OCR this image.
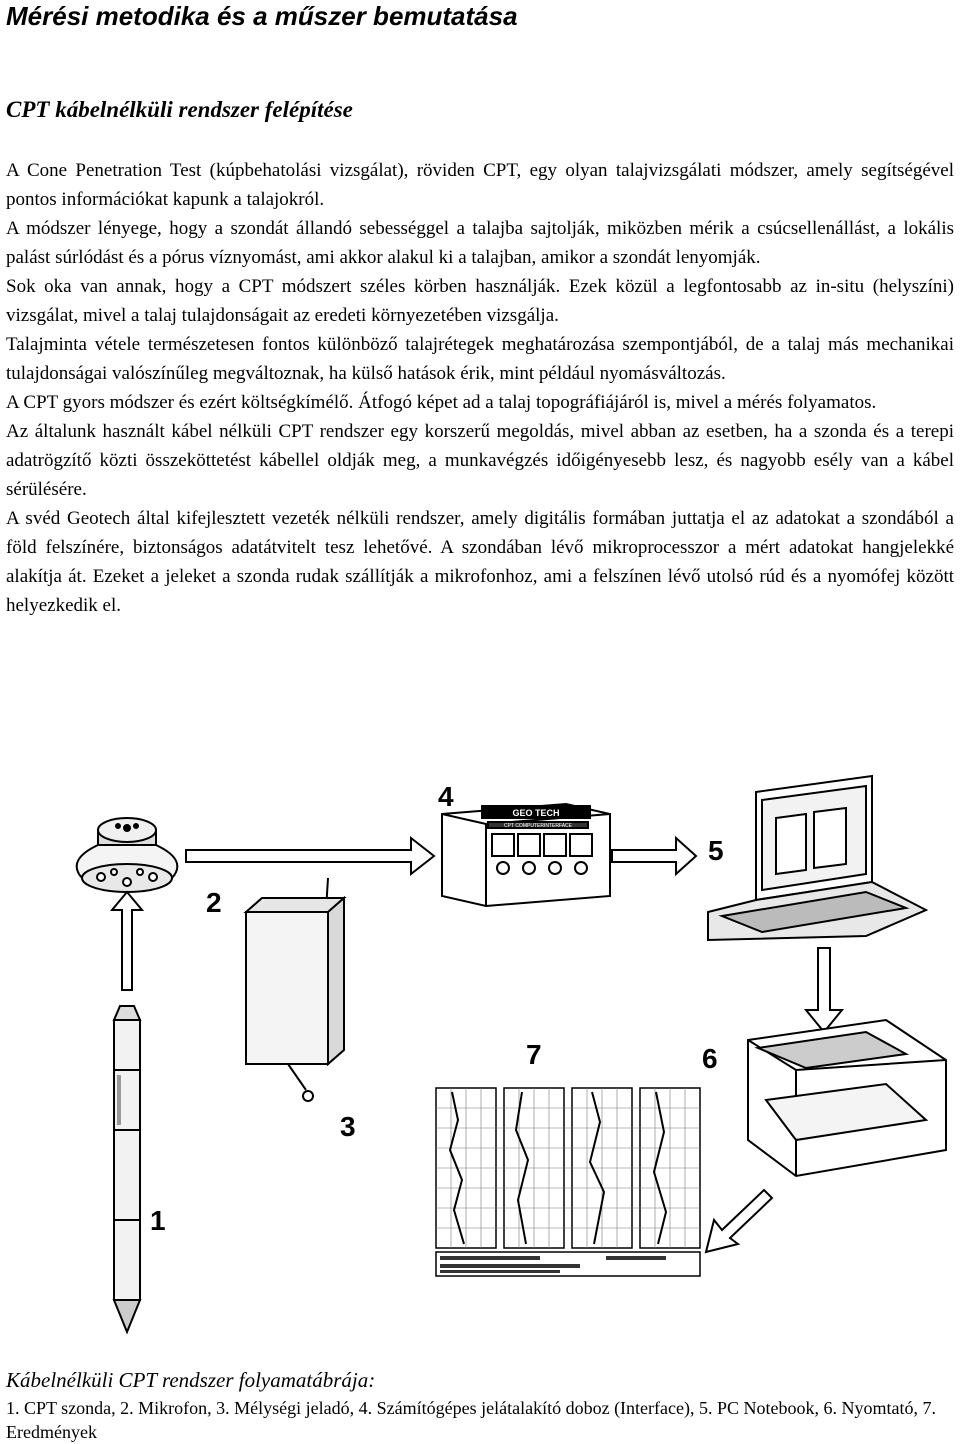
Mérési metodika és a műszer bemutatása
CPT kábelnélküli rendszer felépítése

A Cone Penetration Test (kúpbehatolási vizsgálat), röviden CPT, egy olyan talajvizsgálati módszer, amely segítségével pontos információkat kapunk a talajokról.

A módszer lényege, hogy a szondát állandó sebességgel a talajba sajtolják, miközben mérik a csúcsellenállást, a lokális palást súrlódást és a pórus víznyomást, ami akkor alakul ki a talajban, amikor a szondát lenyomják.

Sok oka van annak, hogy a CPT módszert széles körben használják. Ezek közül a legfontosabb az in-situ (helyszíni) vizsgálat, mivel a talaj tulajdonságait az eredeti környezetében vizsgálja.

Talajminta vétele természetesen fontos különböző talajrétegek meghatározása szempontjából, de a talaj más mechanikai tulajdonságai valószínűleg megváltoznak, ha külső hatások érik, mint például nyomásváltozás.

A CPT gyors módszer és ezért költségkímélő. Átfogó képet ad a talaj topográfiájáról is, mivel a mérés folyamatos.

Az általunk használt kábel nélküli CPT rendszer egy korszerű megoldás, mivel abban az esetben, ha a szonda és a terepi adatrögzítő közti összeköttetést kábellel oldják meg, a munkavégzés időigényesebb lesz, és nagyobb esély van a kábel sérülésére.

A svéd Geotech által kifejlesztett vezeték nélküli rendszer, amely digitális formában juttatja el az adatokat a szondából a föld felszínére, biztonságos adatátvitelt tesz lehetővé. A szondában lévő mikroprocesszor a mért adatokat hangjelekké alakítja át. Ezeket a jeleket a szonda rudak szállítják a mikrofonhoz, ami a felszínen lévő utolsó rúd és a nyomófej között helyezkedik el.

GEO TECH
CPT COMPUTERINTERFACE
1
2
3
4
5
6
7
Kábelnélküli CPT rendszer folyamatábrája:
1. CPT szonda, 2. Mikrofon, 3. Mélységi jeladó, 4. Számítógépes jelátalakító doboz (Interface), 5. PC Notebook, 6. Nyomtató, 7. Eredmények
